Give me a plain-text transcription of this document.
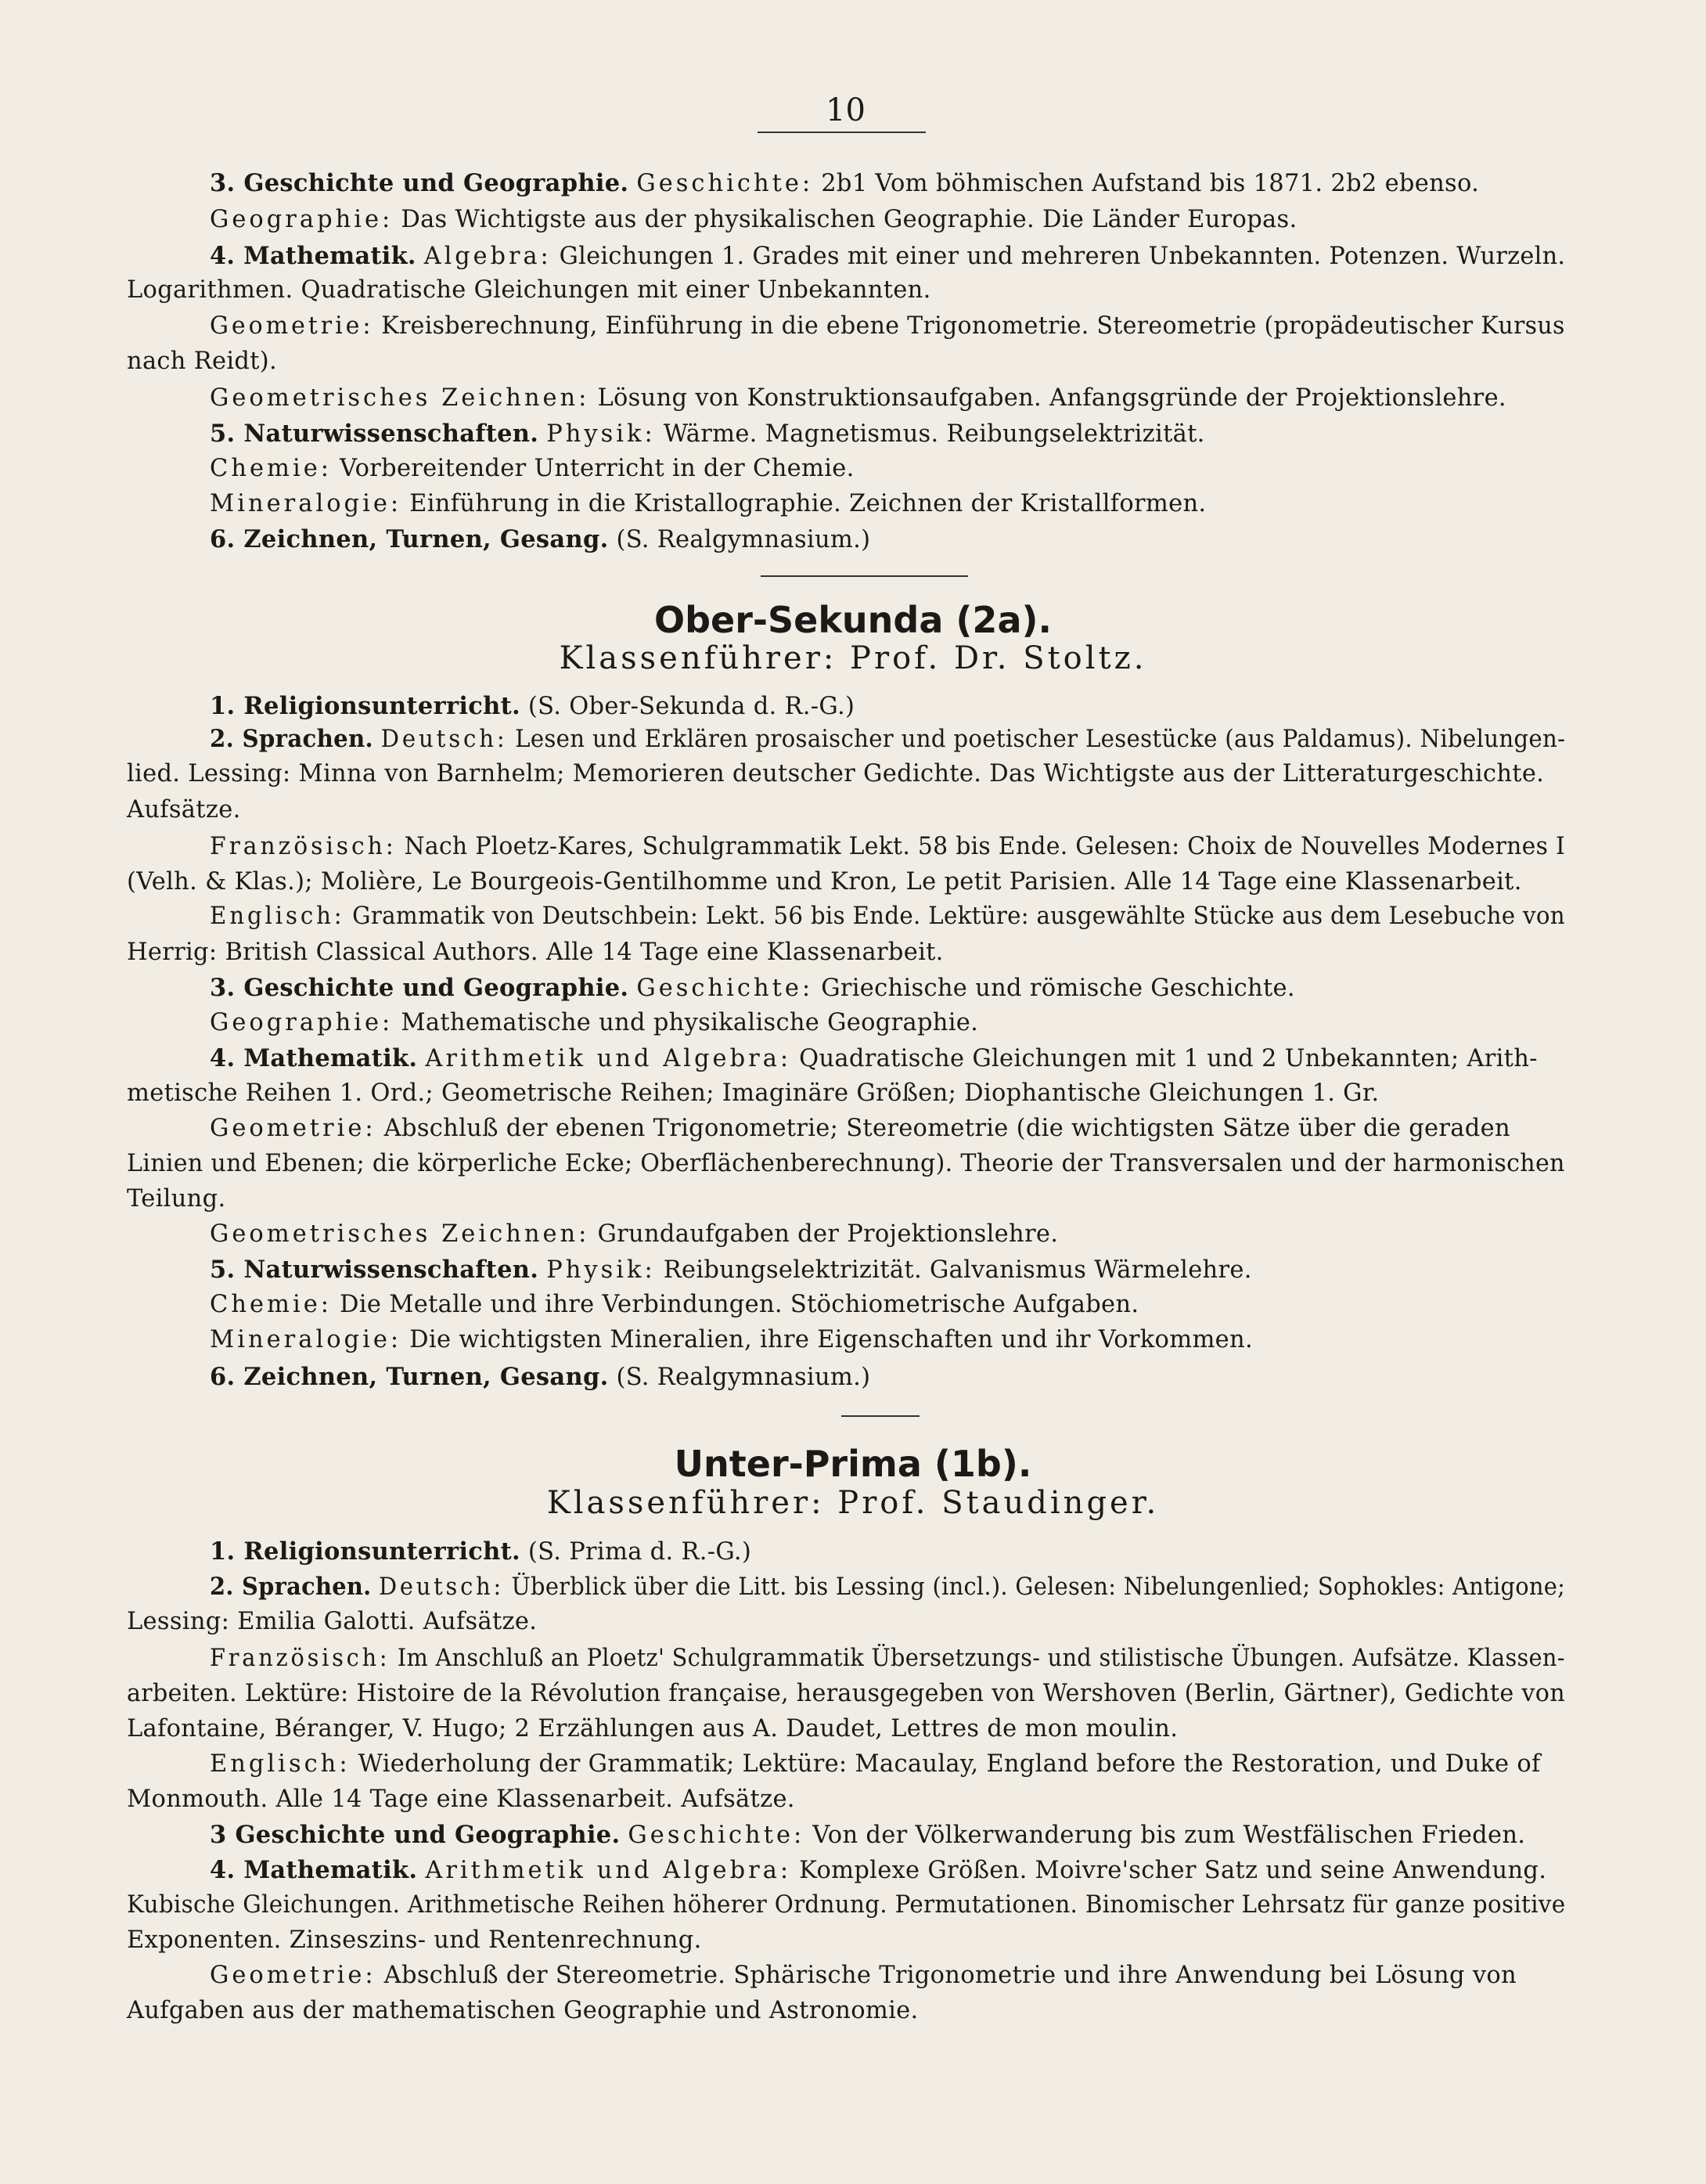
10
3. Geschichte und Geographie. Geschichte: 2b1 Vom böhmischen Aufstand bis 1871. 2b2 ebenso.
Geographie: Das Wichtigste aus der physikalischen Geographie. Die Länder Europas.
4. Mathematik. Algebra: Gleichungen 1. Grades mit einer und mehreren Unbekannten. Potenzen. Wurzeln.
Logarithmen. Quadratische Gleichungen mit einer Unbekannten.
Geometrie: Kreisberechnung, Einführung in die ebene Trigonometrie. Stereometrie (propädeutischer Kursus
nach Reidt).
Geometrisches Zeichnen: Lösung von Konstruktionsaufgaben. Anfangsgründe der Projektionslehre.
5. Naturwissenschaften. Physik: Wärme. Magnetismus. Reibungselektrizität.
Chemie: Vorbereitender Unterricht in der Chemie.
Mineralogie: Einführung in die Kristallographie. Zeichnen der Kristallformen.
6. Zeichnen, Turnen, Gesang. (S. Realgymnasium.)
Ober-Sekunda (2a).
Klassenführer: Prof. Dr. Stoltz.
1. Religionsunterricht. (S. Ober-Sekunda d. R.-G.)
2. Sprachen. Deutsch: Lesen und Erklären prosaischer und poetischer Lesestücke (aus Paldamus). Nibelungen-
lied. Lessing: Minna von Barnhelm; Memorieren deutscher Gedichte. Das Wichtigste aus der Litteraturgeschichte.
Aufsätze.
Französisch: Nach Ploetz-Kares, Schulgrammatik Lekt. 58 bis Ende. Gelesen: Choix de Nouvelles Modernes I
(Velh. & Klas.); Molière, Le Bourgeois-Gentilhomme und Kron, Le petit Parisien. Alle 14 Tage eine Klassenarbeit.
Englisch: Grammatik von Deutschbein: Lekt. 56 bis Ende. Lektüre: ausgewählte Stücke aus dem Lesebuche von
Herrig: British Classical Authors. Alle 14 Tage eine Klassenarbeit.
3. Geschichte und Geographie. Geschichte: Griechische und römische Geschichte.
Geographie: Mathematische und physikalische Geographie.
4. Mathematik. Arithmetik und Algebra: Quadratische Gleichungen mit 1 und 2 Unbekannten; Arith-
metische Reihen 1. Ord.; Geometrische Reihen; Imaginäre Größen; Diophantische Gleichungen 1. Gr.
Geometrie: Abschluß der ebenen Trigonometrie; Stereometrie (die wichtigsten Sätze über die geraden
Linien und Ebenen; die körperliche Ecke; Oberflächenberechnung). Theorie der Transversalen und der harmonischen
Teilung.
Geometrisches Zeichnen: Grundaufgaben der Projektionslehre.
5. Naturwissenschaften. Physik: Reibungselektrizität. Galvanismus Wärmelehre.
Chemie: Die Metalle und ihre Verbindungen. Stöchiometrische Aufgaben.
Mineralogie: Die wichtigsten Mineralien, ihre Eigenschaften und ihr Vorkommen.
6. Zeichnen, Turnen, Gesang. (S. Realgymnasium.)
Unter-Prima (1b).
Klassenführer: Prof. Staudinger.
1. Religionsunterricht. (S. Prima d. R.-G.)
2. Sprachen. Deutsch: Überblick über die Litt. bis Lessing (incl.). Gelesen: Nibelungenlied; Sophokles: Antigone;
Lessing: Emilia Galotti. Aufsätze.
Französisch: Im Anschluß an Ploetz' Schulgrammatik Übersetzungs- und stilistische Übungen. Aufsätze. Klassen-
arbeiten. Lektüre: Histoire de la Révolution française, herausgegeben von Wershoven (Berlin, Gärtner), Gedichte von
Lafontaine, Béranger, V. Hugo; 2 Erzählungen aus A. Daudet, Lettres de mon moulin.
Englisch: Wiederholung der Grammatik; Lektüre: Macaulay, England before the Restoration, und Duke of
Monmouth. Alle 14 Tage eine Klassenarbeit. Aufsätze.
3 Geschichte und Geographie. Geschichte: Von der Völkerwanderung bis zum Westfälischen Frieden.
4. Mathematik. Arithmetik und Algebra: Komplexe Größen. Moivre'scher Satz und seine Anwendung.
Kubische Gleichungen. Arithmetische Reihen höherer Ordnung. Permutationen. Binomischer Lehrsatz für ganze positive
Exponenten. Zinseszins- und Rentenrechnung.
Geometrie: Abschluß der Stereometrie. Sphärische Trigonometrie und ihre Anwendung bei Lösung von
Aufgaben aus der mathematischen Geographie und Astronomie.
